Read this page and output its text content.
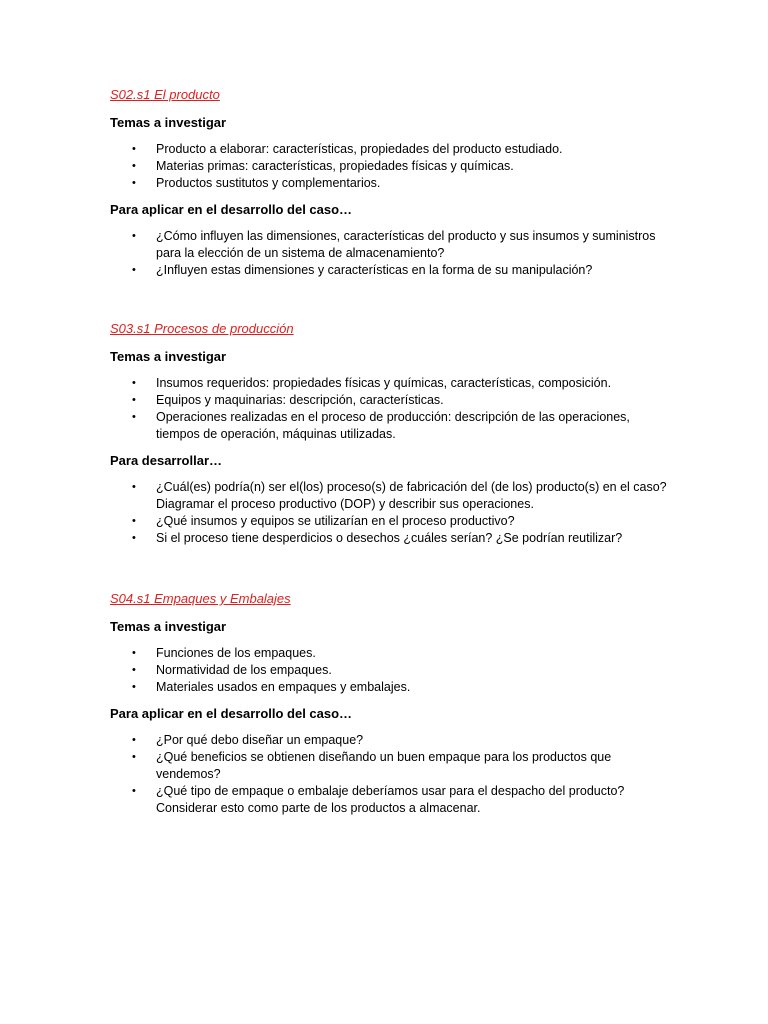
S02.s1 El producto

Temas a investigar

• Producto a elaborar: características, propiedades del producto estudiado.
• Materias primas: características, propiedades físicas y químicas.
• Productos sustitutos y complementarios.

Para aplicar en el desarrollo del caso…

• ¿Cómo influyen las dimensiones, características del producto y sus insumos y suministros para la elección de un sistema de almacenamiento?
• ¿Influyen estas dimensiones y características en la forma de su manipulación?

S03.s1 Procesos de producción

Temas a investigar

• Insumos requeridos: propiedades físicas y químicas, características, composición.
• Equipos y maquinarias: descripción, características.
• Operaciones realizadas en el proceso de producción: descripción de las operaciones, tiempos de operación, máquinas utilizadas.

Para desarrollar…

• ¿Cuál(es) podría(n) ser el(los) proceso(s) de fabricación del (de los) producto(s) en el caso? Diagramar el proceso productivo (DOP) y describir sus operaciones.
• ¿Qué insumos y equipos se utilizarían en el proceso productivo?
• Si el proceso tiene desperdicios o desechos ¿cuáles serían? ¿Se podrían reutilizar?

S04.s1 Empaques y Embalajes

Temas a investigar

• Funciones de los empaques.
• Normatividad de los empaques.
• Materiales usados en empaques y embalajes.

Para aplicar en el desarrollo del caso…

• ¿Por qué debo diseñar un empaque?
• ¿Qué beneficios se obtienen diseñando un buen empaque para los productos que vendemos?
• ¿Qué tipo de empaque o embalaje deberíamos usar para el despacho del producto? Considerar esto como parte de los productos a almacenar.
